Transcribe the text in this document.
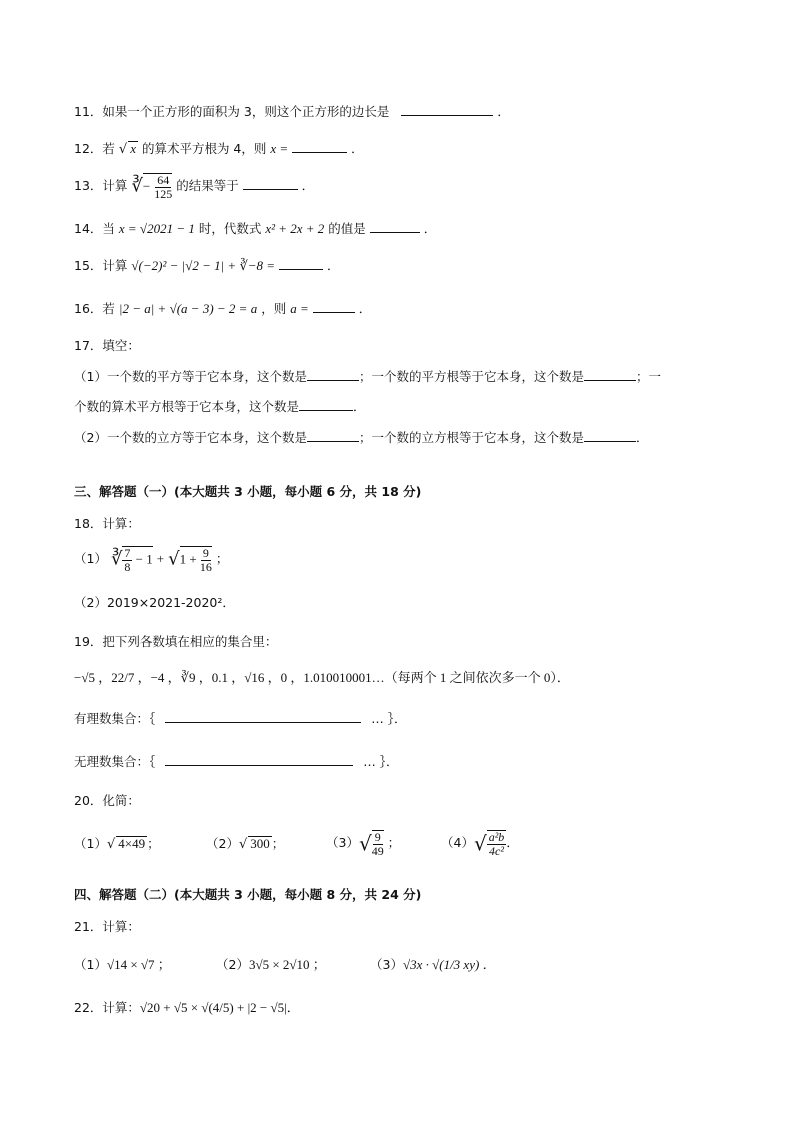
11．如果一个正方形的面积为 3，则这个正方形的边长是	．
12．若 √ x 的算术平方根为 4，则 x =	．
13．计算 ∛− $\frac{64}{125}$ 的结果等于	．
14．当 x = √2021 − 1 时，代数式 x² + 2x + 2 的值是	．
15．计算 √(−2)² − |√2 − 1| + ∛−8 =	．
16．若 |2 − a| + √(a − 3) − 2 = a ，则 a =	．
17．填空：
（1）一个数的平方等于它本身，这个数是	；一个数的平方根等于它本身，这个数是	；一
个数的算术平方根等于它本身，这个数是	．
（2）一个数的立方等于它本身，这个数是	；一个数的立方根等于它本身，这个数是	．
三、解答题（一）(本大题共 3 小题，每小题 6 分，共 18 分)
18．计算：
（1） ∛ $\frac{7}{8} - 1 + √1 + \frac{9}{16}$ ；
（2）2019×2021-2020²．
19．把下列各数填在相应的集合里：
−√5 ，22/7 ，−4 ，∛9 ，0.1 ，√16 ，0 ，1.010010001…（每两个 1 之间依次多一个 0）．
有理数集合：｛	… ｝．
无理数集合：｛	… ｝．
20．化简：
（1）√ 4×49 ；	（2）√ 300 ；	$(3)√ \frac{9}{49}$ ；	$(4)√ \frac{\text{a²b}}{\text{4c²}}$ ．
四、解答题（二）(本大题共 3 小题，每小题 8 分，共 24 分)
21．计算：
（1）√14 × √7 ；	（2）3√5 × 2√10 ；	（3）√3x · √(1/3 xy) ．
22．计算：√20 + √5 × √(4/5) + |2 − √5|．
